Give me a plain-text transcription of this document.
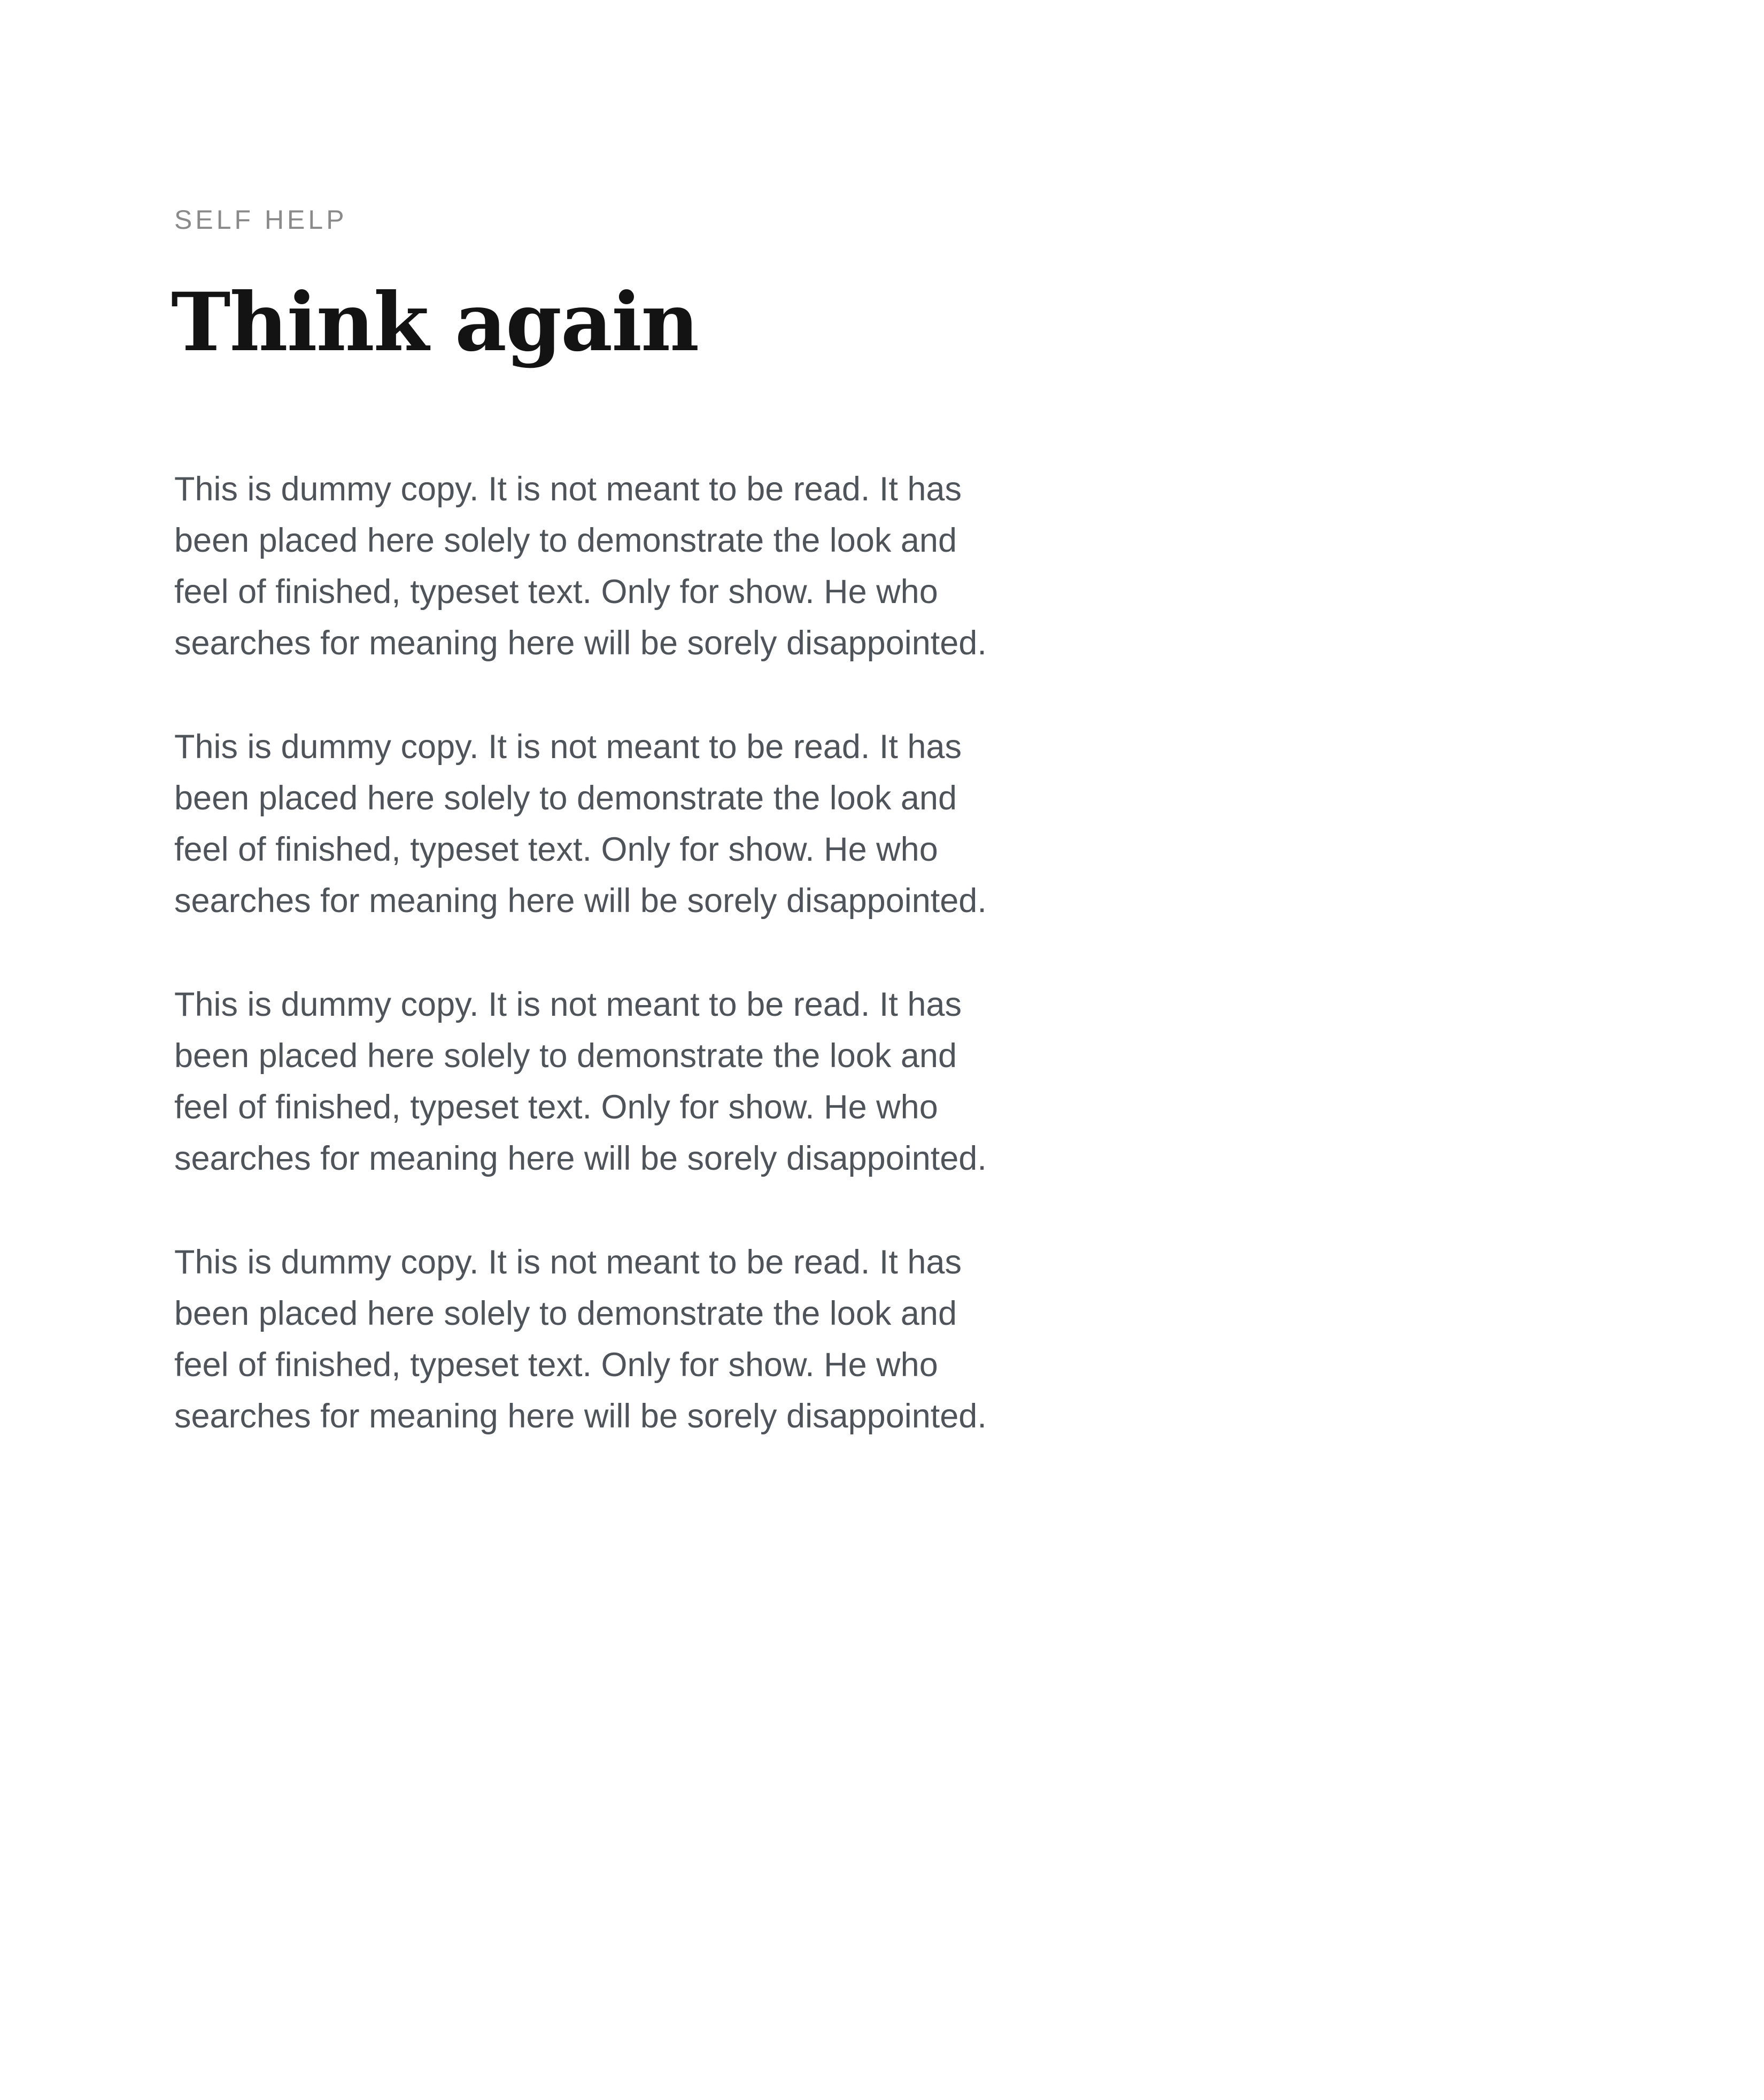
SELF HELP
Think again

This is dummy copy. It is not meant to be read. It has been placed here solely to demonstrate the look and feel of finished, typeset text. Only for show. He who searches for meaning here will be sorely disappointed.

This is dummy copy. It is not meant to be read. It has been placed here solely to demonstrate the look and feel of finished, typeset text. Only for show. He who searches for meaning here will be sorely disappointed.

This is dummy copy. It is not meant to be read. It has been placed here solely to demonstrate the look and feel of finished, typeset text. Only for show. He who searches for meaning here will be sorely disappointed.

This is dummy copy. It is not meant to be read. It has been placed here solely to demonstrate the look and feel of finished, typeset text. Only for show. He who searches for meaning here will be sorely disappointed.
